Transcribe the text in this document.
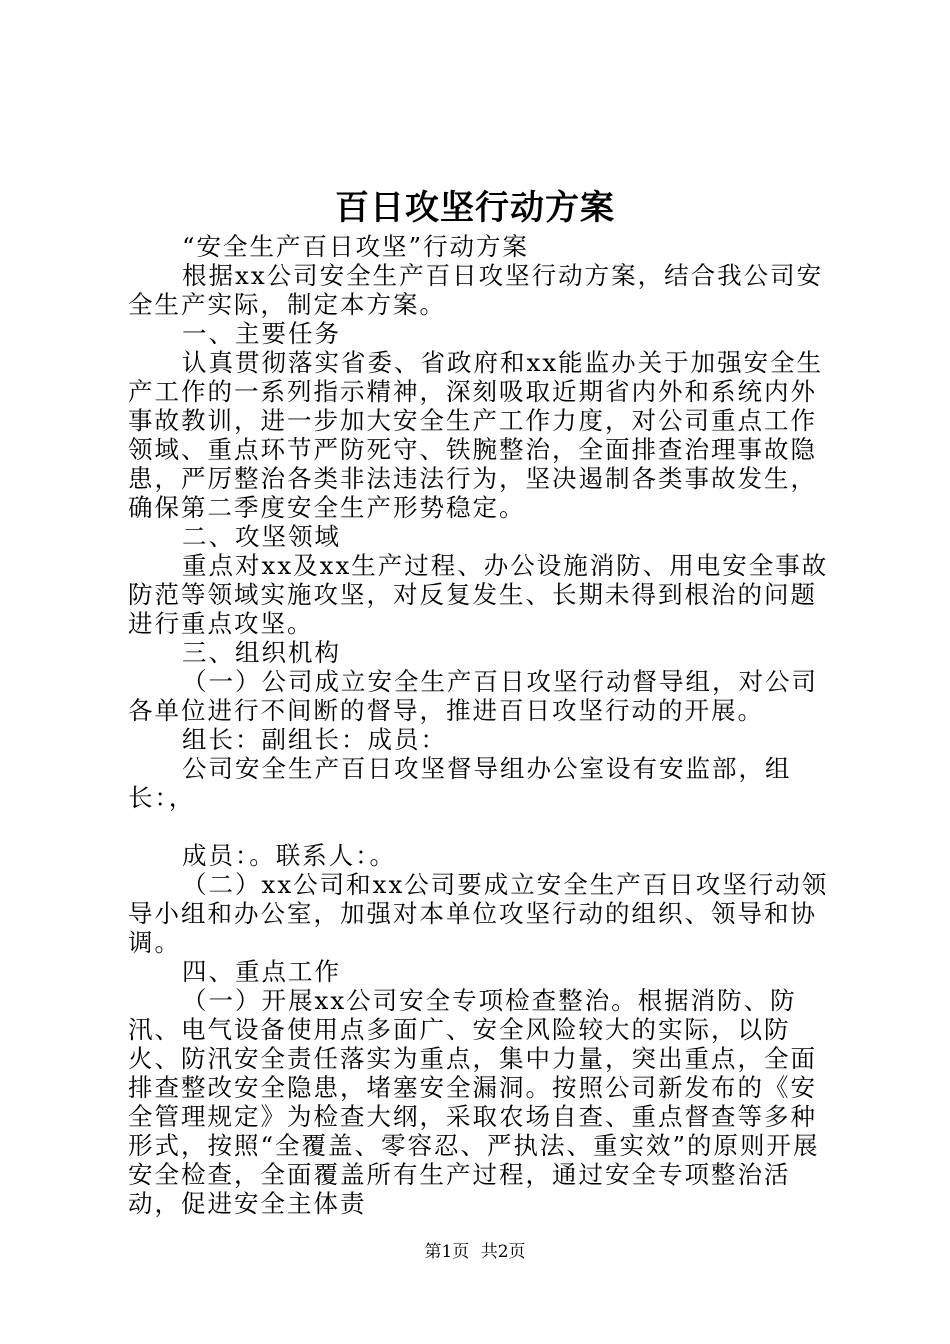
百日攻坚行动方案

“安全生产百日攻坚”行动方案

根据xx公司安全生产百日攻坚行动方案，结合我公司安全生产实际，制定本方案。

一、主要任务

认真贯彻落实省委、省政府和xx能监办关于加强安全生产工作的一系列指示精神，深刻吸取近期省内外和系统内外事故教训，进一步加大安全生产工作力度，对公司重点工作领域、重点环节严防死守、铁腕整治，全面排查治理事故隐患，严厉整治各类非法违法行为，坚决遏制各类事故发生，确保第二季度安全生产形势稳定。

二、攻坚领域

重点对xx及xx生产过程、办公设施消防、用电安全事故防范等领域实施攻坚，对反复发生、长期未得到根治的问题进行重点攻坚。

三、组织机构

（一）公司成立安全生产百日攻坚行动督导组，对公司各单位进行不间断的督导，推进百日攻坚行动的开展。

组长：副组长：成员：

公司安全生产百日攻坚督导组办公室设有安监部，组长：，

成员：。联系人：。

（二）xx公司和xx公司要成立安全生产百日攻坚行动领导小组和办公室，加强对本单位攻坚行动的组织、领导和协调。

四、重点工作

（一）开展xx公司安全专项检查整治。根据消防、防汛、电气设备使用点多面广、安全风险较大的实际，以防火、防汛安全责任落实为重点，集中力量，突出重点，全面排查整改安全隐患，堵塞安全漏洞。按照公司新发布的《安全管理规定》为检查大纲，采取农场自查、重点督查等多种形式，按照“全覆盖、零容忍、严执法、重实效”的原则开展安全检查，全面覆盖所有生产过程，通过安全专项整治活动，促进安全主体责

第1页 共2页
